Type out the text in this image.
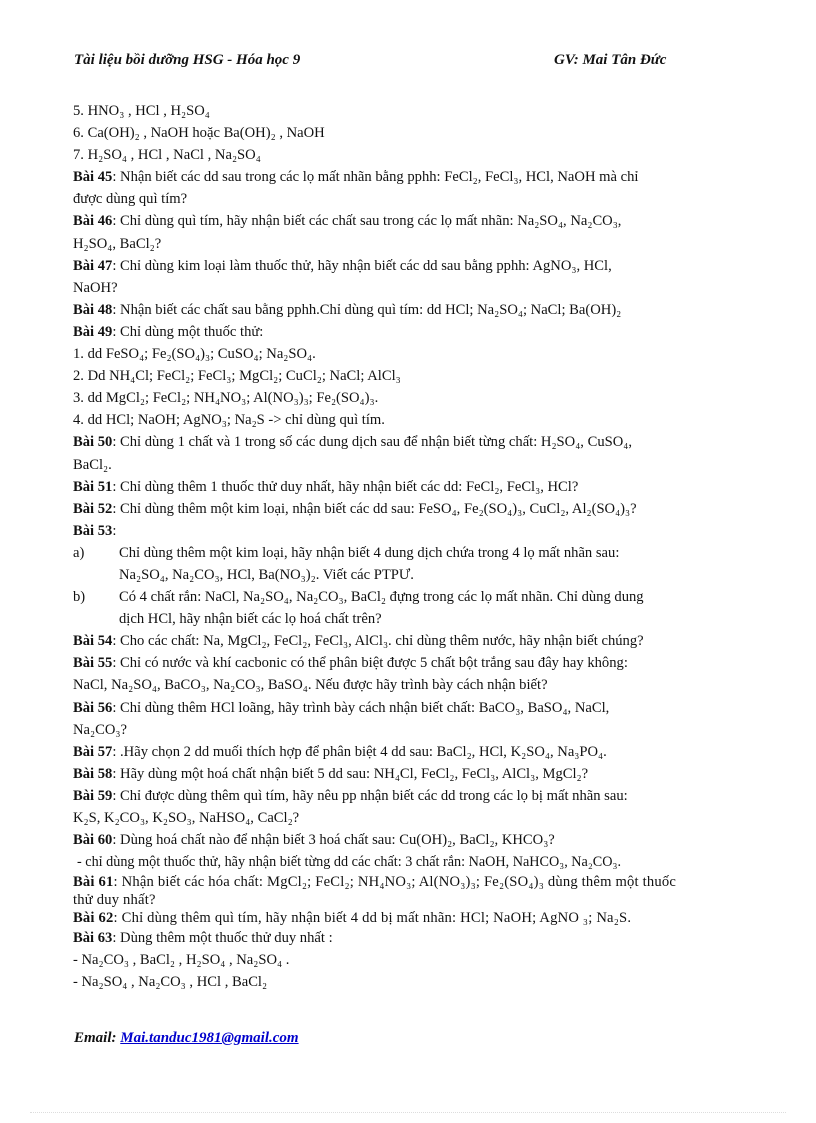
Tài liệu bồi dưỡng HSG - Hóa học 9	GV: Mai Tân Đức
5. HNO₃ , HCl , H₂SO₄
6. Ca(OH)₂ , NaOH hoặc Ba(OH)₂ , NaOH
7. H₂SO₄ , HCl , NaCl , Na₂SO₄
Bài 45: Nhận biết các dd sau trong các lọ mất nhãn bằng pphh: FeCl₂, FeCl₃, HCl, NaOH mà chỉ
được dùng quì tím?
Bài 46: Chỉ dùng quì tím, hãy nhận biết các chất sau trong các lọ mất nhãn: Na₂SO₄, Na₂CO₃,
H₂SO₄, BaCl₂?
Bài 47: Chỉ dùng kim loại làm thuốc thử, hãy nhận biết các dd sau bằng pphh: AgNO₃, HCl,
NaOH?
Bài 48: Nhận biết các chất sau bằng pphh.Chỉ dùng quì tím: dd HCl; Na₂SO₄; NaCl; Ba(OH)₂
Bài 49: Chỉ dùng một thuốc thử:
1. dd FeSO₄; Fe₂(SO₄)₃; CuSO₄; Na₂SO₄.
2. Dd NH₄Cl; FeCl₂; FeCl₃; MgCl₂; CuCl₂; NaCl; AlCl₃
3. dd MgCl₂; FeCl₂; NH₄NO₃; Al(NO₃)₃; Fe₂(SO₄)₃.
4. dd HCl; NaOH; AgNO₃; Na₂S -> chỉ dùng quì tím.
Bài 50: Chỉ dùng 1 chất và 1 trong số các dung dịch sau để nhận biết từng chất: H₂SO₄, CuSO₄,
BaCl₂.
Bài 51: Chỉ dùng thêm 1 thuốc thử duy nhất, hãy nhận biết các dd: FeCl₂, FeCl₃, HCl?
Bài 52: Chỉ dùng thêm một kim loại, nhận biết các dd sau: FeSO₄, Fe₂(SO₄)₃, CuCl₂, Al₂(SO₄)₃?
Bài 53:
a) Chỉ dùng thêm một kim loại, hãy nhận biết 4 dung dịch chứa trong 4 lọ mất nhãn sau:
Na₂SO₄, Na₂CO₃, HCl, Ba(NO₃)₂. Viết các PTPƯ.
b) Có 4 chất rắn: NaCl, Na₂SO₄, Na₂CO₃, BaCl₂ đựng trong các lọ mất nhãn. Chỉ dùng dung
dịch HCl, hãy nhận biết các lọ hoá chất trên?
Bài 54: Cho các chất: Na, MgCl₂, FeCl₂, FeCl₃, AlCl₃. chỉ dùng thêm nước, hãy nhận biết chúng?
Bài 55: Chỉ có nước và khí cacbonic có thể phân biệt được 5 chất bột trắng sau đây hay không:
NaCl, Na₂SO₄, BaCO₃, Na₂CO₃, BaSO₄. Nếu được hãy trình bày cách nhận biết?
Bài 56: Chỉ dùng thêm HCl loãng, hãy trình bày cách nhận biết chất: BaCO₃, BaSO₄, NaCl,
Na₂CO₃?
Bài 57: .Hãy chọn 2 dd muối thích hợp để phân biệt 4 dd sau: BaCl₂, HCl, K₂SO₄, Na₃PO₄.
Bài 58: Hãy dùng một hoá chất nhận biết 5 dd sau: NH₄Cl, FeCl₂, FeCl₃, AlCl₃, MgCl₂?
Bài 59: Chỉ được dùng thêm quì tím, hãy nêu pp nhận biết các dd trong các lọ bị mất nhãn sau:
K₂S, K₂CO₃, K₂SO₃, NaHSO₄, CaCl₂?
Bài 60: Dùng hoá chất nào để nhận biết 3 hoá chất sau: Cu(OH)₂, BaCl₂, KHCO₃?
- chỉ dùng một thuốc thử, hãy nhận biết từng dd các chất: 3 chất rắn: NaOH, NaHCO₃, Na₂CO₃.
Bài 61: Nhận biết các hóa chất: MgCl₂; FeCl₂; NH₄NO₃; Al(NO₃)₃; Fe₂(SO₄)₃ dùng thêm một thuốc
thử duy nhất?
Bài 62: Chỉ dùng thêm quì tím, hãy nhận biết 4 dd bị mất nhãn: HCl; NaOH; AgNO ₃; Na₂S.
Bài 63: Dùng thêm một thuốc thử duy nhất :
- Na₂CO₃ , BaCl₂ , H₂SO₄ , Na₂SO₄ .
- Na₂SO₄ , Na₂CO₃ , HCl , BaCl₂
Email: Mai.tanduc1981@gmail.com
